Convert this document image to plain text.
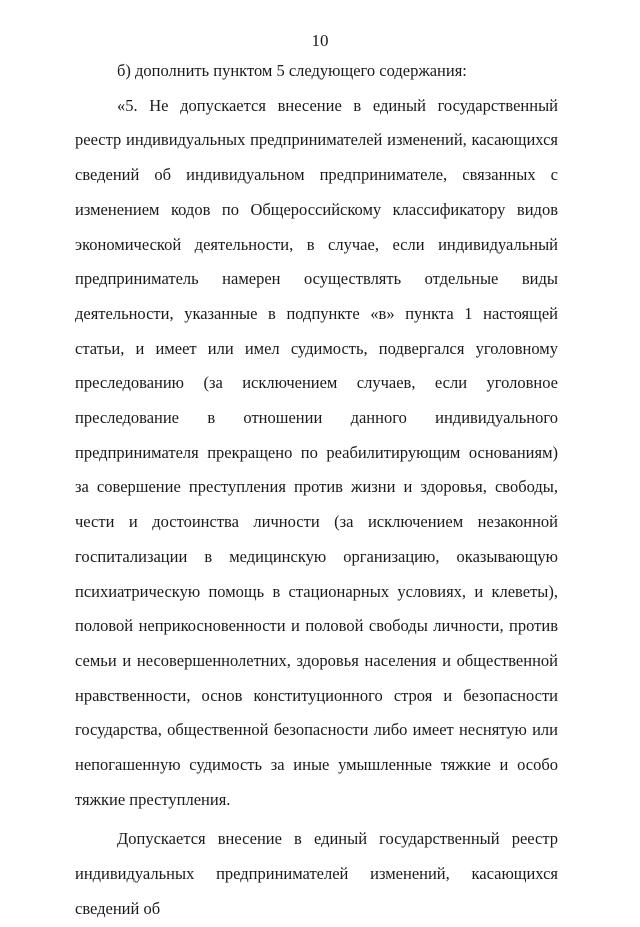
10

б) дополнить пунктом 5 следующего содержания:

«5. Не допускается внесение в единый государственный реестр индивидуальных предпринимателей изменений, касающихся сведений об индивидуальном предпринимателе, связанных с изменением кодов по Общероссийскому классификатору видов экономической деятельности, в случае, если индивидуальный предприниматель намерен осуществлять отдельные виды деятельности, указанные в подпункте «в» пункта 1 настоящей статьи, и имеет или имел судимость, подвергался уголовному преследованию (за исключением случаев, если уголовное преследование в отношении данного индивидуального предпринимателя прекращено по реабилитирующим основаниям) за совершение преступления против жизни и здоровья, свободы, чести и достоинства личности (за исключением незаконной госпитализации в медицинскую организацию, оказывающую психиатрическую помощь в стационарных условиях, и клеветы), половой неприкосновенности и половой свободы личности, против семьи и несовершеннолетних, здоровья населения и общественной нравственности, основ конституционного строя и безопасности государства, общественной безопасности либо имеет неснятую или непогашенную судимость за иные умышленные тяжкие и особо тяжкие преступления.

Допускается внесение в единый государственный реестр индивидуальных предпринимателей изменений, касающихся сведений об
